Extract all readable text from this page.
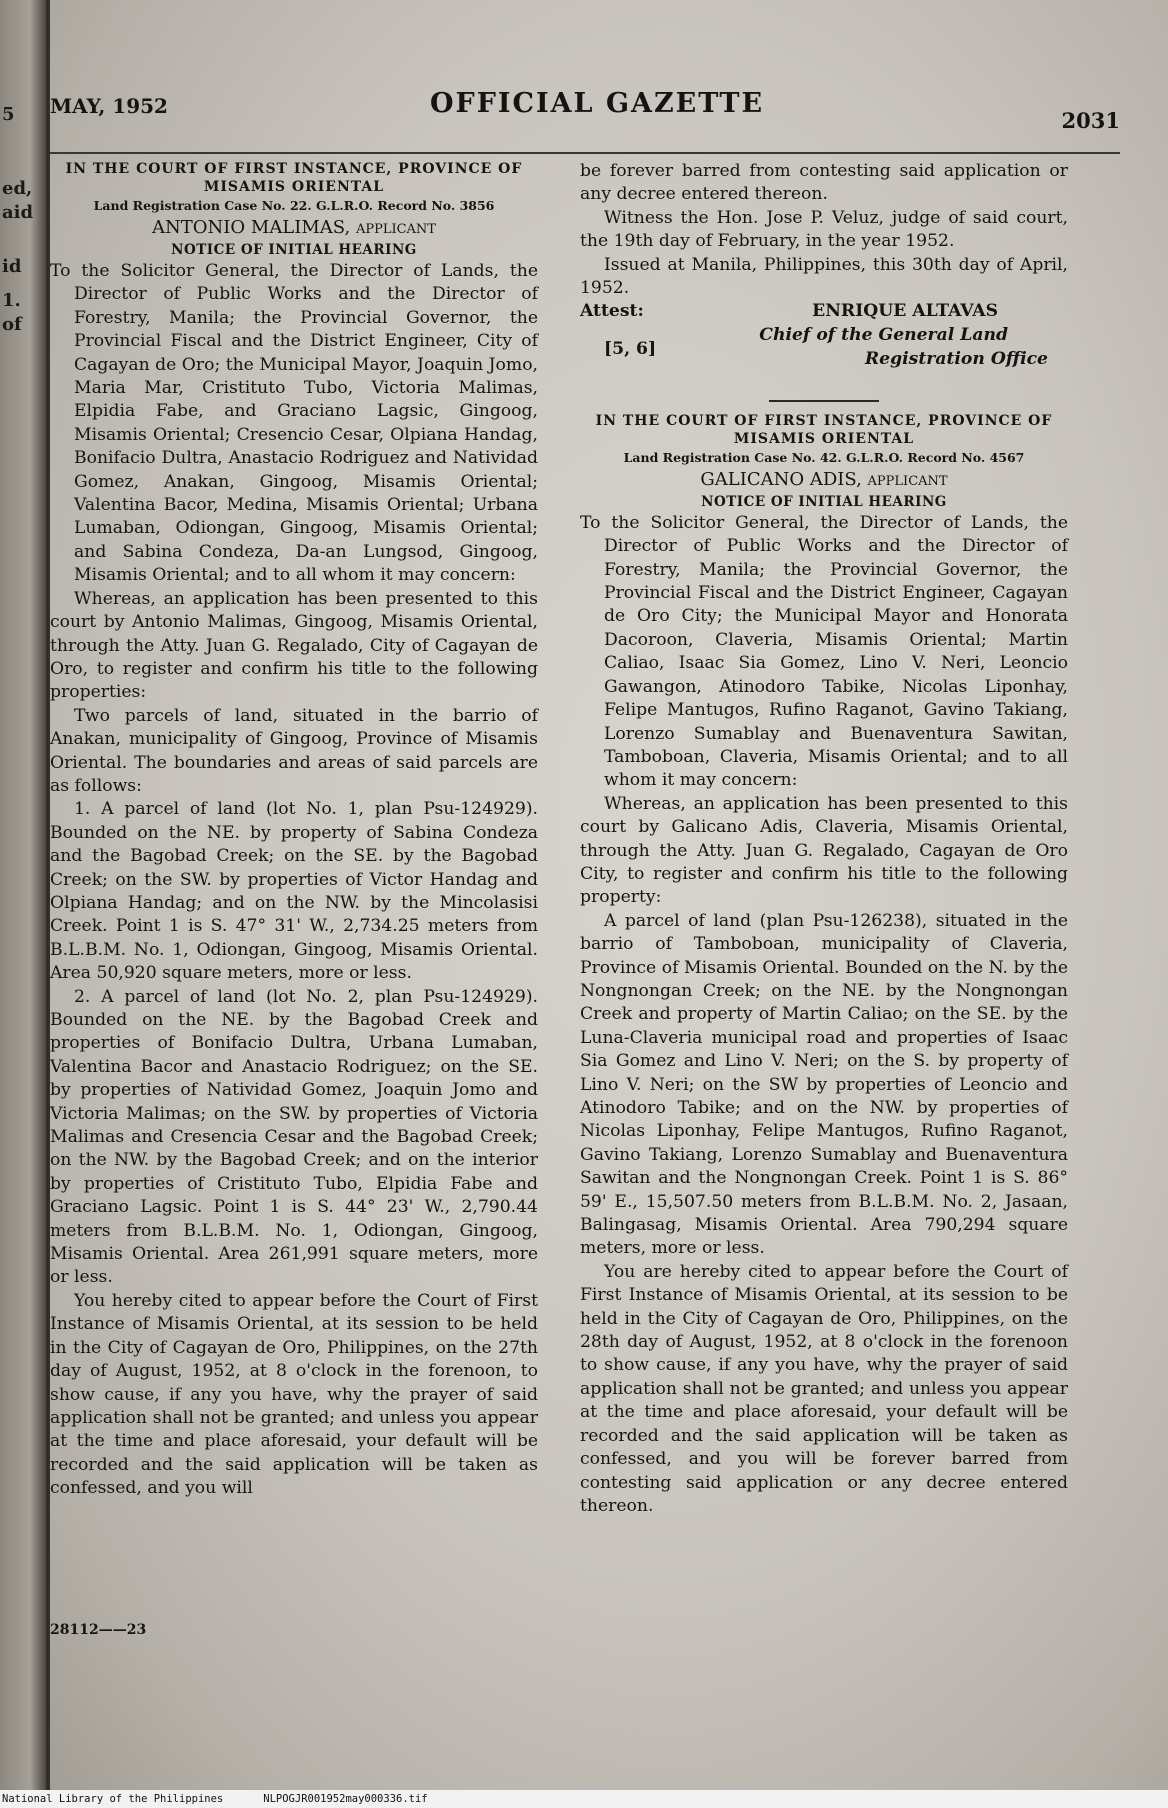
5
ed,
aid
id
1.
of
MAY, 1952	OFFICIAL GAZETTE
2031

IN THE COURT OF FIRST INSTANCE, PROVINCE OF MISAMIS ORIENTAL

Land Registration Case No. 22. G.L.R.O. Record No. 3856

ANTONIO MALIMAS, applicant

NOTICE OF INITIAL HEARING

To the Solicitor General, the Director of Lands, the Director of Public Works and the Director of Forestry, Manila; the Provincial Governor, the Provincial Fiscal and the District Engineer, City of Cagayan de Oro; the Municipal Mayor, Joaquin Jomo, Maria Mar, Cristituto Tubo, Victoria Malimas, Elpidia Fabe, and Graciano Lagsic, Gingoog, Misamis Oriental; Cresencio Cesar, Olpiana Handag, Bonifacio Dultra, Anastacio Rodriguez and Natividad Gomez, Anakan, Gingoog, Misamis Oriental; Valentina Bacor, Medina, Misamis Oriental; Urbana Lumaban, Odiongan, Gingoog, Misamis Oriental; and Sabina Condeza, Da-an Lungsod, Gingoog, Misamis Oriental; and to all whom it may concern:

Whereas, an application has been presented to this court by Antonio Malimas, Gingoog, Misamis Oriental, through the Atty. Juan G. Regalado, City of Cagayan de Oro, to register and confirm his title to the following properties:

Two parcels of land, situated in the barrio of Anakan, municipality of Gingoog, Province of Misamis Oriental. The boundaries and areas of said parcels are as follows:

1. A parcel of land (lot No. 1, plan Psu-124929). Bounded on the NE. by property of Sabina Condeza and the Bagobad Creek; on the SE. by the Bagobad Creek; on the SW. by properties of Victor Handag and Olpiana Handag; and on the NW. by the Mincolasisi Creek. Point 1 is S. 47° 31' W., 2,734.25 meters from B.L.B.M. No. 1, Odiongan, Gingoog, Misamis Oriental. Area 50,920 square meters, more or less.

2. A parcel of land (lot No. 2, plan Psu-124929). Bounded on the NE. by the Bagobad Creek and properties of Bonifacio Dultra, Urbana Lumaban, Valentina Bacor and Anastacio Rodriguez; on the SE. by properties of Natividad Gomez, Joaquin Jomo and Victoria Malimas; on the SW. by properties of Victoria Malimas and Cresencia Cesar and the Bagobad Creek; on the NW. by the Bagobad Creek; and on the interior by properties of Cristituto Tubo, Elpidia Fabe and Graciano Lagsic. Point 1 is S. 44° 23' W., 2,790.44 meters from B.L.B.M. No. 1, Odiongan, Gingoog, Misamis Oriental. Area 261,991 square meters, more or less.

You hereby cited to appear before the Court of First Instance of Misamis Oriental, at its session to be held in the City of Cagayan de Oro, Philippines, on the 27th day of August, 1952, at 8 o'clock in the forenoon, to show cause, if any you have, why the prayer of said application shall not be granted; and unless you appear at the time and place aforesaid, your default will be recorded and the said application will be taken as confessed, and you will

be forever barred from contesting said application or any decree entered thereon.

Witness the Hon. Jose P. Veluz, judge of said court, the 19th day of February, in the year 1952.

Issued at Manila, Philippines, this 30th day of April, 1952.

Attest:	ENRIQUE ALTAVAS
Chief of the General Land
[5, 6]	Registration Office

IN THE COURT OF FIRST INSTANCE, PROVINCE OF MISAMIS ORIENTAL

Land Registration Case No. 42. G.L.R.O. Record No. 4567

GALICANO ADIS, applicant

NOTICE OF INITIAL HEARING

To the Solicitor General, the Director of Lands, the Director of Public Works and the Director of Forestry, Manila; the Provincial Governor, the Provincial Fiscal and the District Engineer, Cagayan de Oro City; the Municipal Mayor and Honorata Dacoroon, Claveria, Misamis Oriental; Martin Caliao, Isaac Sia Gomez, Lino V. Neri, Leoncio Gawangon, Atinodoro Tabike, Nicolas Liponhay, Felipe Mantugos, Rufino Raganot, Gavino Takiang, Lorenzo Sumablay and Buenaventura Sawitan, Tamboboan, Claveria, Misamis Oriental; and to all whom it may concern:

Whereas, an application has been presented to this court by Galicano Adis, Claveria, Misamis Oriental, through the Atty. Juan G. Regalado, Cagayan de Oro City, to register and confirm his title to the following property:

A parcel of land (plan Psu-126238), situated in the barrio of Tamboboan, municipality of Claveria, Province of Misamis Oriental. Bounded on the N. by the Nongnongan Creek; on the NE. by the Nongnongan Creek and property of Martin Caliao; on the SE. by the Luna-Claveria municipal road and properties of Isaac Sia Gomez and Lino V. Neri; on the S. by property of Lino V. Neri; on the SW by properties of Leoncio and Atinodoro Tabike; and on the NW. by properties of Nicolas Liponhay, Felipe Mantugos, Rufino Raganot, Gavino Takiang, Lorenzo Sumablay and Buenaventura Sawitan and the Nongnongan Creek. Point 1 is S. 86° 59' E., 15,507.50 meters from B.L.B.M. No. 2, Jasaan, Balingasag, Misamis Oriental. Area 790,294 square meters, more or less.

You are hereby cited to appear before the Court of First Instance of Misamis Oriental, at its session to be held in the City of Cagayan de Oro, Philippines, on the 28th day of August, 1952, at 8 o'clock in the forenoon to show cause, if any you have, why the prayer of said application shall not be granted; and unless you appear at the time and place aforesaid, your default will be recorded and the said application will be taken as confessed, and you will be forever barred from contesting said application or any decree entered thereon.

28112——23
National Library of the Philippines	NLPOGJR001952may000336.tif
